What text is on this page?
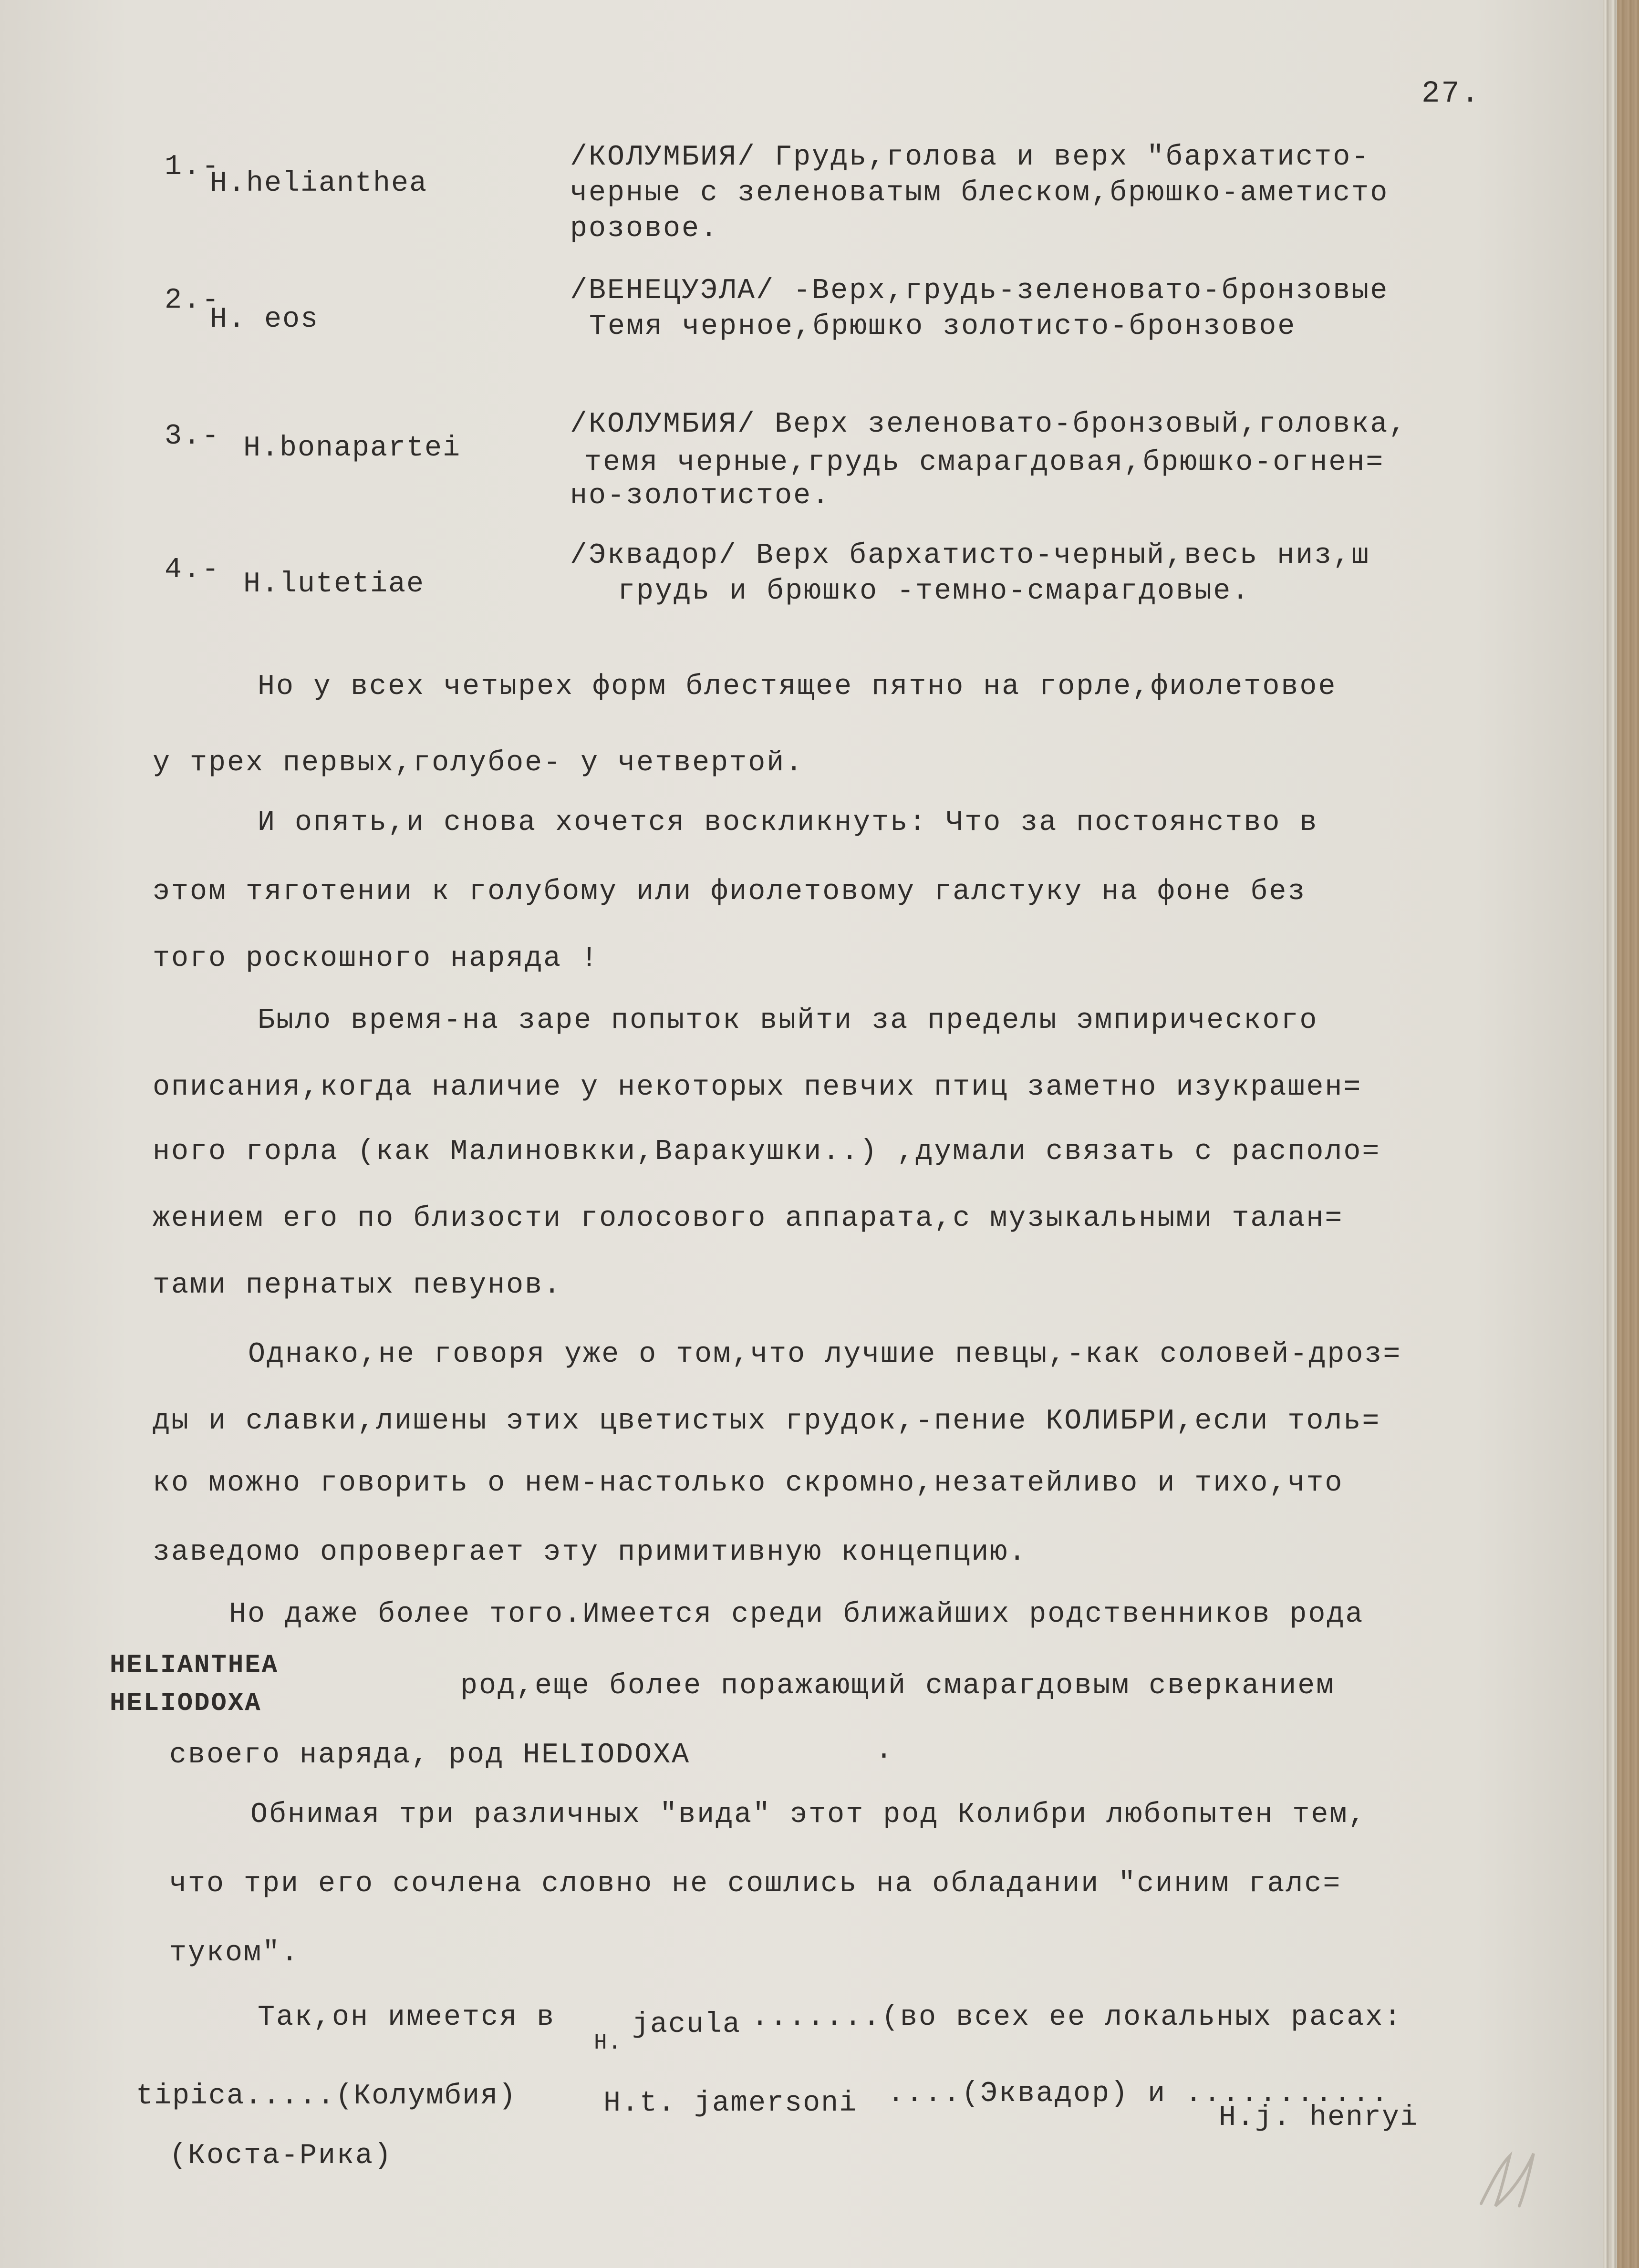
27.
1.-
H.helianthea
/КОЛУМБИЯ/ Грудь,голова и верх "бархатисто-
черные с зеленоватым блеском,брюшко-аметисто
розовое.
2.-
H. eos
/ВЕНЕЦУЭЛА/ -Верх,грудь-зеленовато-бронзовые
Темя черное,брюшко золотисто-бронзовое
3.- H.bonapartei
/КОЛУМБИЯ/ Верх зеленовато-бронзовый,головка,
темя черные,грудь смарагдовая,брюшко-огнен=
но-золотистое.
4.- H.lutetiae
/Эквадор/ Верх бархатисто-черный,весь низ,ш
грудь и брюшко -темно-смарагдовые.
Но у всех четырех форм блестящее пятно на горле,фиолетовое
у трех первых,голубое- у четвертой.
И опять,и снова хочется воскликнуть: Что за постоянство в
этом тяготении к голубому или фиолетовому галстуку на фоне без
того роскошного наряда !
Было время-на заре попыток выйти за пределы эмпирического
описания,когда наличие у некоторых певчих птиц заметно изукрашен=
ного горла (как Малиновкки,Варакушки..) ,думали связать с располо=
жением его по близости голосового аппарата,с музыкальными талан=
тами пернатых певунов.
Однако,не говоря уже о том,что лучшие певцы,-как соловей-дроз=
ды и славки,лишены этих цветистых грудок,-пение КОЛИБРИ,если толь=
ко можно говорить о нем-настолько скромно,незатейливо и тихо,что
заведомо опровергает эту примитивную концепцию.
Но даже более того.Имеется среди ближайших родственников рода
HELIANTHEA
HELIODOXA
род,еще более поражающий смарагдовым сверканием
своего наряда, род HELIODOXA	.
Обнимая три различных "вида" этот род Колибри любопытен тем,
что три его сочлена словно не сошлись на обладании "синим галс=
туком".
Так,он имеется в
H.
jacula .......(во всех ее локальных расах:
tipica.....(Колумбия)	H.t. jamersoni ....(Эквадор) и ...........
H.j. henryi
(Коста-Рика)
